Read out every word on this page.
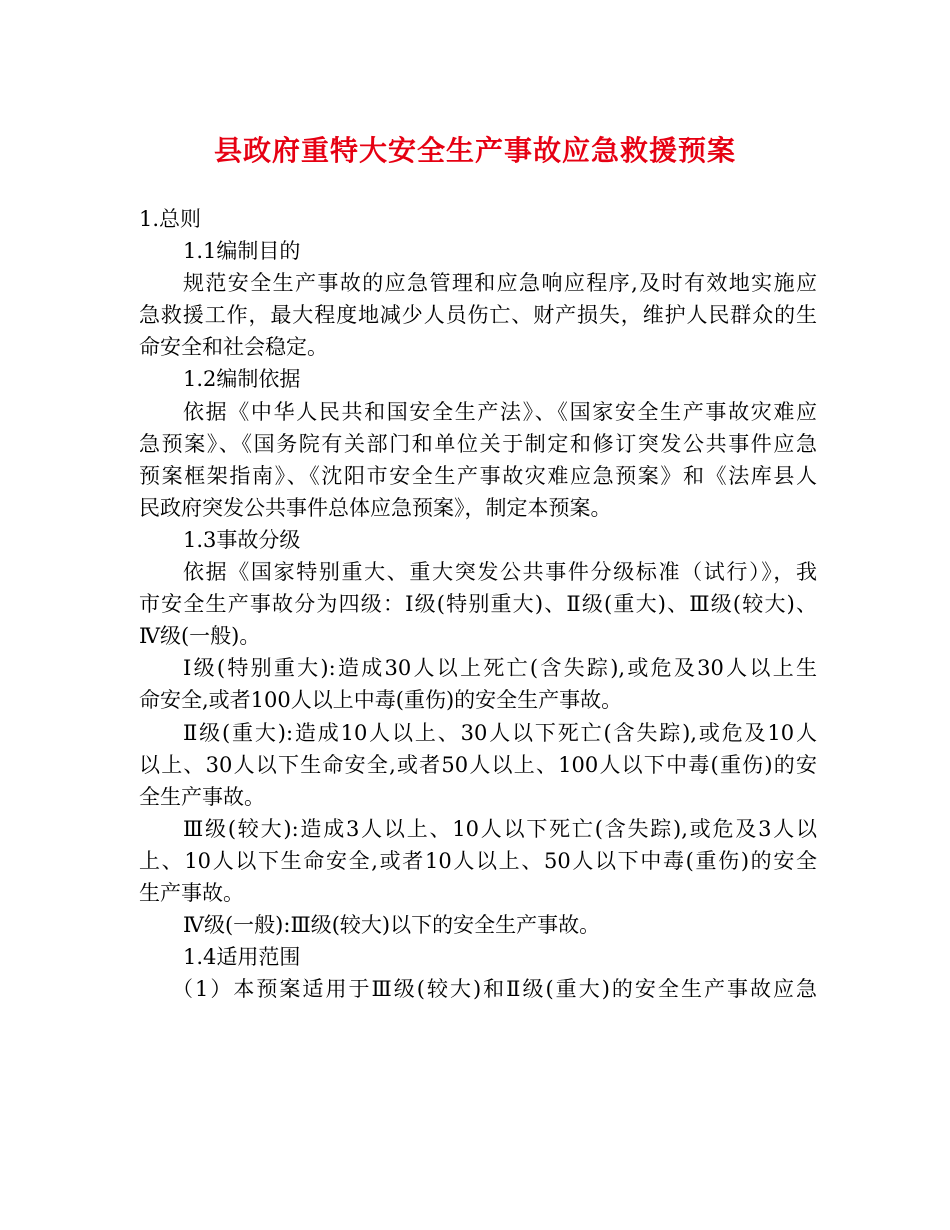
县政府重特大安全生产事故应急救援预案
1.总则
1.1编制目的
规范安全生产事故的应急管理和应急响应程序,及时有效地实施应
急救援工作，最大程度地减少人员伤亡、财产损失，维护人民群众的生
命安全和社会稳定。
1.2编制依据
依据《中华人民共和国安全生产法》、《国家安全生产事故灾难应
急预案》、《国务院有关部门和单位关于制定和修订突发公共事件应急
预案框架指南》、《沈阳市安全生产事故灾难应急预案》和《法库县人
民政府突发公共事件总体应急预案》，制定本预案。
1.3事故分级
依据《国家特别重大、重大突发公共事件分级标准（试行）》，我
市安全生产事故分为四级：Ⅰ级(特别重大)、Ⅱ级(重大)、Ⅲ级(较大)、
Ⅳ级(一般)。
Ⅰ级(特别重大):造成30人以上死亡(含失踪),或危及30人以上生
命安全,或者100人以上中毒(重伤)的安全生产事故。
Ⅱ级(重大):造成10人以上、30人以下死亡(含失踪),或危及10人
以上、30人以下生命安全,或者50人以上、100人以下中毒(重伤)的安
全生产事故。
Ⅲ级(较大):造成3人以上、10人以下死亡(含失踪),或危及3人以
上、10人以下生命安全,或者10人以上、50人以下中毒(重伤)的安全
生产事故。
Ⅳ级(一般):Ⅲ级(较大)以下的安全生产事故。
1.4适用范围
（1）本预案适用于Ⅲ级(较大)和Ⅱ级(重大)的安全生产事故应急
